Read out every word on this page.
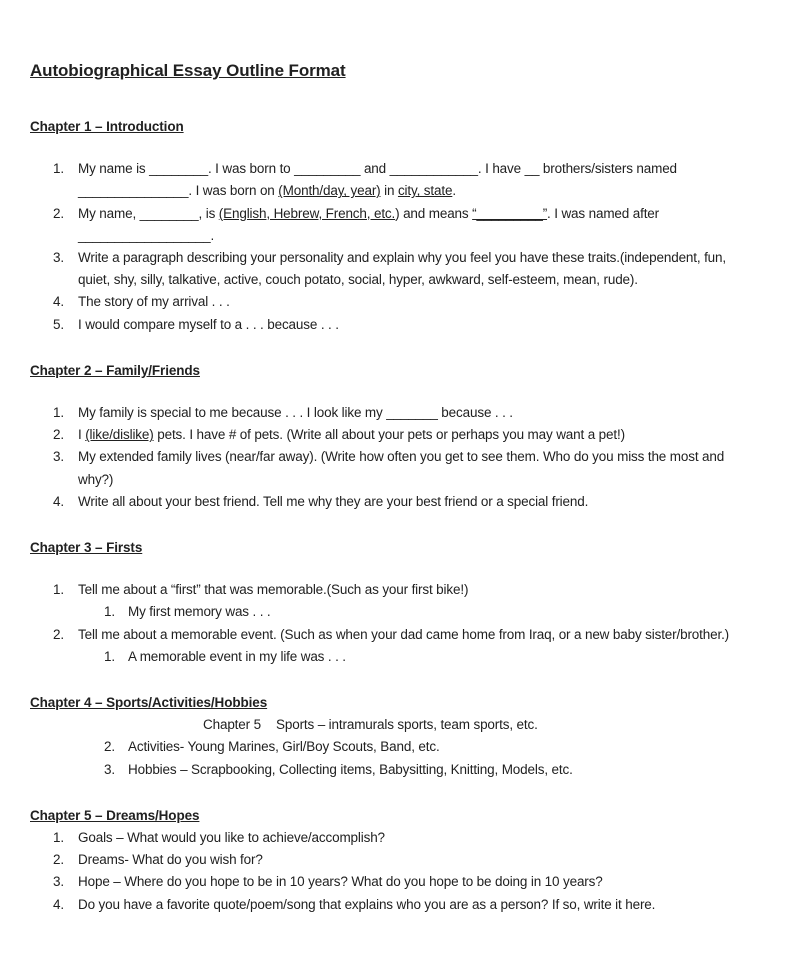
Autobiographical Essay Outline Format
Chapter 1 – Introduction
1. My name is ________. I was born to _________ and ____________. I have __ brothers/sisters named
_______________. I was born on (Month/day, year) in city, state.
2. My name, ________, is (English, Hebrew, French, etc.) and means “_________”. I was named after
__________________.
3. Write a paragraph describing your personality and explain why you feel you have these traits.(independent, fun,
quiet, shy, silly, talkative, active, couch potato, social, hyper, awkward, self-esteem, mean, rude).
4. The story of my arrival . . .
5. I would compare myself to a . . . because . . .
Chapter 2 – Family/Friends
1. My family is special to me because . . . I look like my _______ because . . .
2. I (like/dislike) pets. I have # of pets. (Write all about your pets or perhaps you may want a pet!)
3. My extended family lives (near/far away). (Write how often you get to see them. Who do you miss the most and
why?)
4. Write all about your best friend. Tell me why they are your best friend or a special friend.
Chapter 3 – Firsts
1. Tell me about a “first” that was memorable.(Such as your first bike!)
1. My first memory was . . .
2. Tell me about a memorable event. (Such as when your dad came home from Iraq, or a new baby sister/brother.)
1. A memorable event in my life was . . .
Chapter 4 – Sports/Activities/Hobbies
Chapter 5 Sports – intramurals sports, team sports, etc.
2. Activities- Young Marines, Girl/Boy Scouts, Band, etc.
3. Hobbies – Scrapbooking, Collecting items, Babysitting, Knitting, Models, etc.
Chapter 5 – Dreams/Hopes
1. Goals – What would you like to achieve/accomplish?
2. Dreams- What do you wish for?
3. Hope – Where do you hope to be in 10 years? What do you hope to be doing in 10 years?
4. Do you have a favorite quote/poem/song that explains who you are as a person? If so, write it here.
